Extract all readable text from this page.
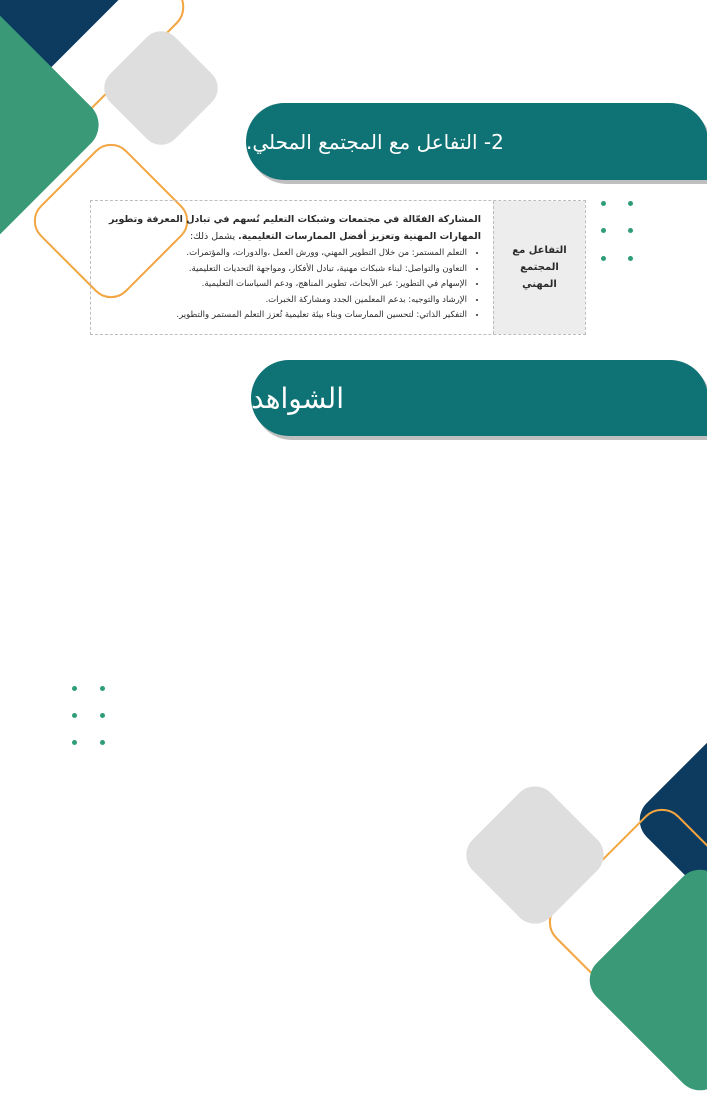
2- التفاعل مع المجتمع المحلي.
التفاعل مع المجتمع المهني

المشاركة الفعّالة في مجتمعات وشبكات التعليم تُسهم في تبادل المعرفة وتطوير المهارات المهنية وتعزيز أفضل الممارسات التعليمية. يشمل ذلك:

• التعلم المستمر: من خلال التطوير المهني، وورش العمل ،والدورات، والمؤتمرات.
• التعاون والتواصل: لبناء شبكات مهنية، تبادل الأفكار، ومواجهة التحديات التعليمية.
• الإسهام في التطوير: عبر الأبحاث، تطوير المناهج، ودعم السياسات التعليمية.
• الإرشاد والتوجيه: بدعم المعلمين الجدد ومشاركة الخبرات.
• التفكير الذاتي: لتحسين الممارسات وبناء بيئة تعليمية تُعزز التعلم المستمر والتطوير.
الشواهد
